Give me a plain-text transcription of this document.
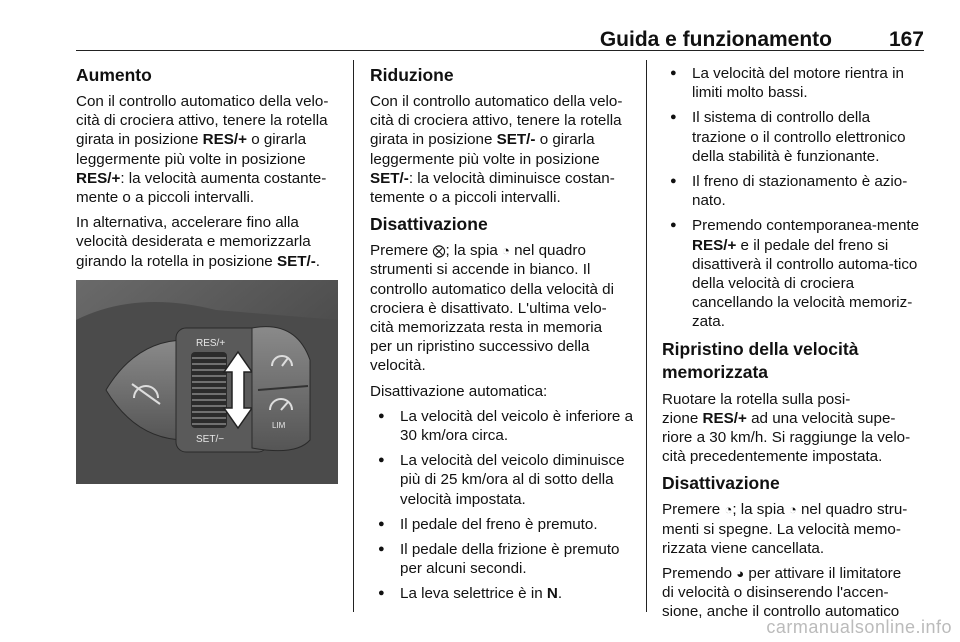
Guida e funzionamento	167
Aumento

Con il controllo automatico della velo-
cità di crociera attivo, tenere la rotella
girata in posizione RES/+ o girarla
leggermente più volte in posizione
RES/+: la velocità aumenta costante-
mente o a piccoli intervalli.

In alternativa, accelerare fino alla
velocità desiderata e memorizzarla
girando la rotella in posizione SET/-.

RES/+
SET/−
LIM
Riduzione

Con il controllo automatico della velo-
cità di crociera attivo, tenere la rotella
girata in posizione SET/- o girarla
leggermente più volte in posizione
SET/-: la velocità diminuisce costan-
temente o a piccoli intervalli.

Disattivazione

Premere ⨂; la spia ◔ nel quadro
strumenti si accende in bianco. Il
controllo automatico della velocità di
crociera è disattivato. L'ultima velo-
cità memorizzata resta in memoria
per un ripristino successivo della
velocità.

Disattivazione automatica:

● La velocità del veicolo è inferiore a 30 km/ora circa.
● La velocità del veicolo diminuisce più di 25 km/ora al di sotto della velocità impostata.
● Il pedale del freno è premuto.
● Il pedale della frizione è premuto per alcuni secondi.
● La leva selettrice è in N.
● La velocità del motore rientra in limiti molto bassi.
● Il sistema di controllo della trazione o il controllo elettronico della stabilità è funzionante.
● Il freno di stazionamento è azio-nato.
● Premendo contemporanea-mente RES/+ e il pedale del freno si disattiverà il controllo automa-tico della velocità di crociera cancellando la velocità memoriz-zata.
Ripristino della velocità memorizzata

Ruotare la rotella sulla posi-
zione RES/+ ad una velocità supe-
riore a 30 km/h. Si raggiunge la velo-
cità precedentemente impostata.

Disattivazione

Premere ◔; la spia ◔ nel quadro stru-
menti si spegne. La velocità memo-
rizzata viene cancellata.

Premendo ◕ per attivare il limitatore
di velocità o disinserendo l'accen-
sione, anche il controllo automatico

carmanualsonline.info
